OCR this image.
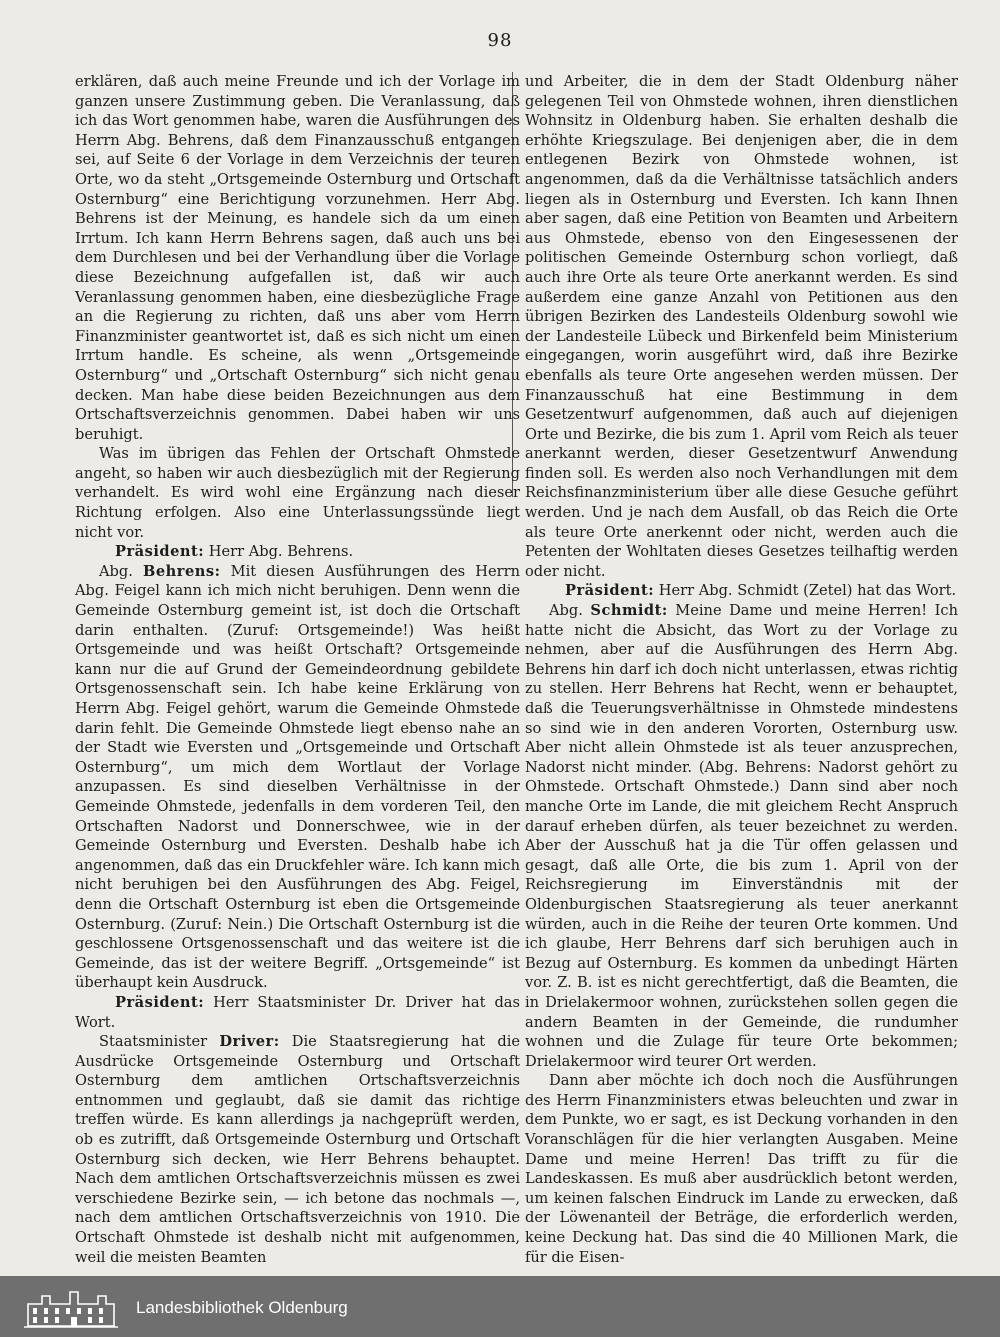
98

erklären, daß auch meine Freunde und ich der Vorlage im ganzen unsere Zustimmung geben. Die Veranlassung, daß ich das Wort genommen habe, waren die Ausführungen des Herrn Abg. Behrens, daß dem Finanzausschuß entgangen sei, auf Seite 6 der Vorlage in dem Verzeichnis der teuren Orte, wo da steht „Ortsgemeinde Osternburg und Ortschaft Osternburg“ eine Berichtigung vorzunehmen. Herr Abg. Behrens ist der Meinung, es handele sich da um einen Irrtum. Ich kann Herrn Behrens sagen, daß auch uns bei dem Durchlesen und bei der Verhandlung über die Vorlage diese Bezeichnung aufgefallen ist, daß wir auch Veranlassung genommen haben, eine diesbezügliche Frage an die Regierung zu richten, daß uns aber vom Herrn Finanzminister geantwortet ist, daß es sich nicht um einen Irrtum handle. Es scheine, als wenn „Ortsgemeinde Osternburg“ und „Ortschaft Osternburg“ sich nicht genau decken. Man habe diese beiden Bezeichnungen aus dem Ortschaftsverzeichnis genommen. Dabei haben wir uns beruhigt.

Was im übrigen das Fehlen der Ortschaft Ohmstede angeht, so haben wir auch diesbezüglich mit der Regierung verhandelt. Es wird wohl eine Ergänzung nach dieser Richtung erfolgen. Also eine Unterlassungssünde liegt nicht vor.

Präsident: Herr Abg. Behrens.

Abg. Behrens: Mit diesen Ausführungen des Herrn Abg. Feigel kann ich mich nicht beruhigen. Denn wenn die Gemeinde Osternburg gemeint ist, ist doch die Ortschaft darin enthalten. (Zuruf: Ortsgemeinde!) Was heißt Ortsgemeinde und was heißt Ortschaft? Ortsgemeinde kann nur die auf Grund der Gemeindeordnung gebildete Ortsgenossenschaft sein. Ich habe keine Erklärung von Herrn Abg. Feigel gehört, warum die Gemeinde Ohmstede darin fehlt. Die Gemeinde Ohmstede liegt ebenso nahe an der Stadt wie Eversten und „Ortsgemeinde und Ortschaft Osternburg“, um mich dem Wortlaut der Vorlage anzupassen. Es sind dieselben Verhältnisse in der Gemeinde Ohmstede, jedenfalls in dem vorderen Teil, den Ortschaften Nadorst und Donnerschwee, wie in der Gemeinde Osternburg und Eversten. Deshalb habe ich angenommen, daß das ein Druckfehler wäre. Ich kann mich nicht beruhigen bei den Ausführungen des Abg. Feigel, denn die Ortschaft Osternburg ist eben die Ortsgemeinde Osternburg. (Zuruf: Nein.) Die Ortschaft Osternburg ist die geschlossene Ortsgenossenschaft und das weitere ist die Gemeinde, das ist der weitere Begriff. „Ortsgemeinde“ ist überhaupt kein Ausdruck.

Präsident: Herr Staatsminister Dr. Driver hat das Wort.

Staatsminister Driver: Die Staatsregierung hat die Ausdrücke Ortsgemeinde Osternburg und Ortschaft Osternburg dem amtlichen Ortschaftsverzeichnis entnommen und geglaubt, daß sie damit das richtige treffen würde. Es kann allerdings ja nachgeprüft werden, ob es zutrifft, daß Ortsgemeinde Osternburg und Ortschaft Osternburg sich decken, wie Herr Behrens behauptet. Nach dem amtlichen Ortschaftsverzeichnis müssen es zwei verschiedene Bezirke sein, — ich betone das nochmals —, nach dem amtlichen Ortschaftsverzeichnis von 1910. Die Ortschaft Ohmstede ist deshalb nicht mit aufgenommen, weil die meisten Beamten

und Arbeiter, die in dem der Stadt Oldenburg näher gelegenen Teil von Ohmstede wohnen, ihren dienstlichen Wohnsitz in Oldenburg haben. Sie erhalten deshalb die erhöhte Kriegszulage. Bei denjenigen aber, die in dem entlegenen Bezirk von Ohmstede wohnen, ist angenommen, daß da die Verhältnisse tatsächlich anders liegen als in Osternburg und Eversten. Ich kann Ihnen aber sagen, daß eine Petition von Beamten und Arbeitern aus Ohmstede, ebenso von den Eingesessenen der politischen Gemeinde Osternburg schon vorliegt, daß auch ihre Orte als teure Orte anerkannt werden. Es sind außerdem eine ganze Anzahl von Petitionen aus den übrigen Bezirken des Landesteils Oldenburg sowohl wie der Landesteile Lübeck und Birkenfeld beim Ministerium eingegangen, worin ausgeführt wird, daß ihre Bezirke ebenfalls als teure Orte angesehen werden müssen. Der Finanzausschuß hat eine Bestimmung in dem Gesetzentwurf aufgenommen, daß auch auf diejenigen Orte und Bezirke, die bis zum 1. April vom Reich als teuer anerkannt werden, dieser Gesetzentwurf Anwendung finden soll. Es werden also noch Verhandlungen mit dem Reichsfinanzministerium über alle diese Gesuche geführt werden. Und je nach dem Ausfall, ob das Reich die Orte als teure Orte anerkennt oder nicht, werden auch die Petenten der Wohltaten dieses Gesetzes teilhaftig werden oder nicht.

Präsident: Herr Abg. Schmidt (Zetel) hat das Wort.

Abg. Schmidt: Meine Dame und meine Herren! Ich hatte nicht die Absicht, das Wort zu der Vorlage zu nehmen, aber auf die Ausführungen des Herrn Abg. Behrens hin darf ich doch nicht unterlassen, etwas richtig zu stellen. Herr Behrens hat Recht, wenn er behauptet, daß die Teuerungsverhältnisse in Ohmstede mindestens so sind wie in den anderen Vororten, Osternburg usw. Aber nicht allein Ohmstede ist als teuer anzusprechen, Nadorst nicht minder. (Abg. Behrens: Nadorst gehört zu Ohmstede. Ortschaft Ohmstede.) Dann sind aber noch manche Orte im Lande, die mit gleichem Recht Anspruch darauf erheben dürfen, als teuer bezeichnet zu werden. Aber der Ausschuß hat ja die Tür offen gelassen und gesagt, daß alle Orte, die bis zum 1. April von der Reichsregierung im Einverständnis mit der Oldenburgischen Staatsregierung als teuer anerkannt würden, auch in die Reihe der teuren Orte kommen. Und ich glaube, Herr Behrens darf sich beruhigen auch in Bezug auf Osternburg. Es kommen da unbedingt Härten vor. Z. B. ist es nicht gerechtfertigt, daß die Beamten, die in Drielakermoor wohnen, zurückstehen sollen gegen die andern Beamten in der Gemeinde, die rundumher wohnen und die Zulage für teure Orte bekommen; Drielakermoor wird teurer Ort werden.

Dann aber möchte ich doch noch die Ausführungen des Herrn Finanzministers etwas beleuchten und zwar in dem Punkte, wo er sagt, es ist Deckung vorhanden in den Voranschlägen für die hier verlangten Ausgaben. Meine Dame und meine Herren! Das trifft zu für die Landeskassen. Es muß aber ausdrücklich betont werden, um keinen falschen Eindruck im Lande zu erwecken, daß der Löwenanteil der Beträge, die erforderlich werden, keine Deckung hat. Das sind die 40 Millionen Mark, die für die Eisen-

Landesbibliothek Oldenburg
